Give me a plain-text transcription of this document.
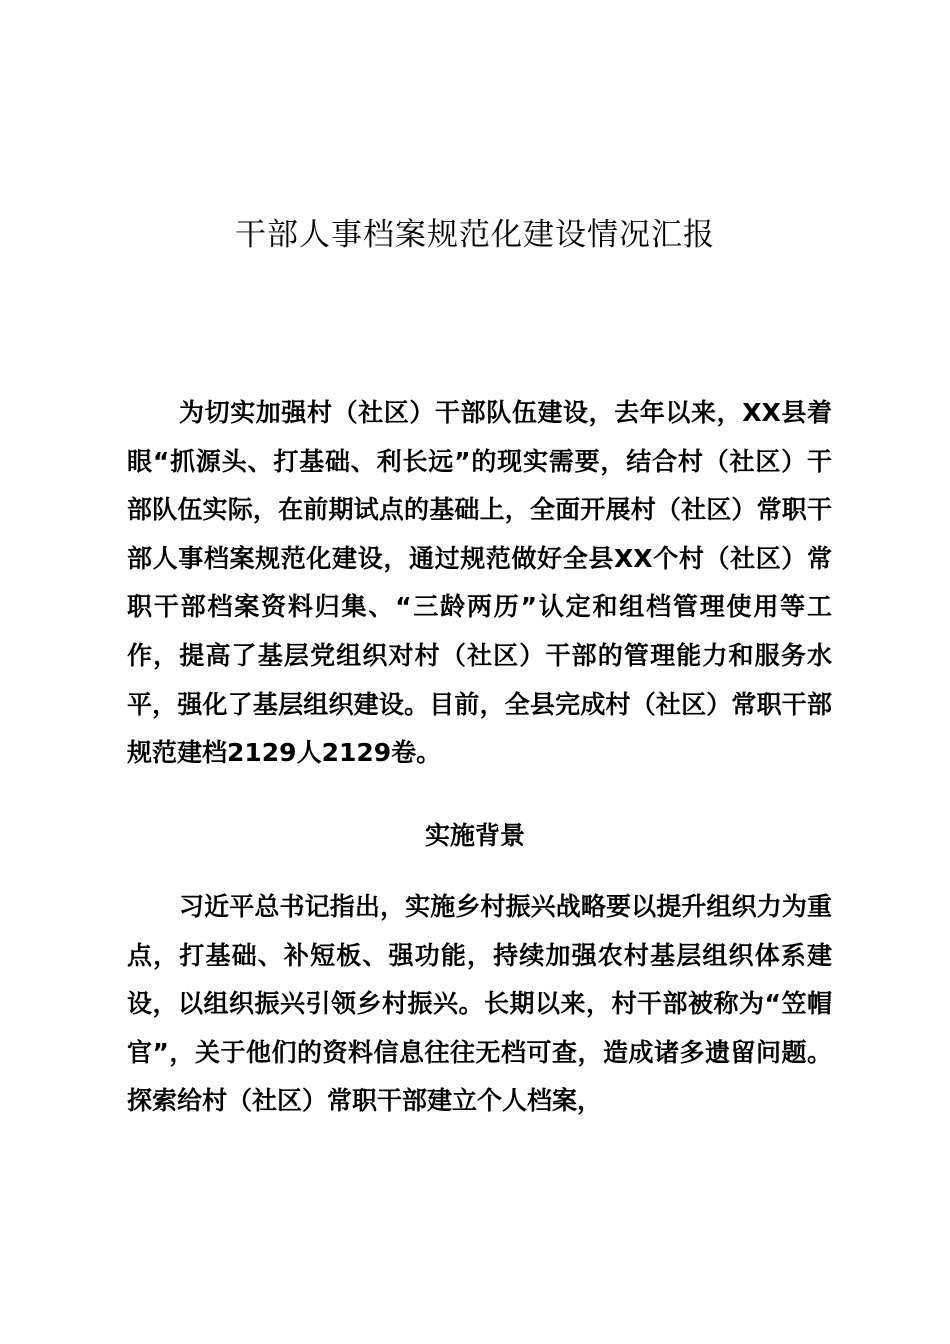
干部人事档案规范化建设情况汇报

为切实加强村（社区）干部队伍建设，去年以来，XX县着眼“抓源头、打基础、利长远”的现实需要，结合村（社区）干部队伍实际，在前期试点的基础上，全面开展村（社区）常职干部人事档案规范化建设，通过规范做好全县XX个村（社区）常职干部档案资料归集、“三龄两历”认定和组档管理使用等工作，提高了基层党组织对村（社区）干部的管理能力和服务水平，强化了基层组织建设。目前，全县完成村（社区）常职干部规范建档2129人2129卷。

实施背景

习近平总书记指出，实施乡村振兴战略要以提升组织力为重点，打基础、补短板、强功能，持续加强农村基层组织体系建设，以组织振兴引领乡村振兴。长期以来，村干部被称为“笠帽官”，关于他们的资料信息往往无档可查，造成诸多遗留问题。探索给村（社区）常职干部建立个人档案，
